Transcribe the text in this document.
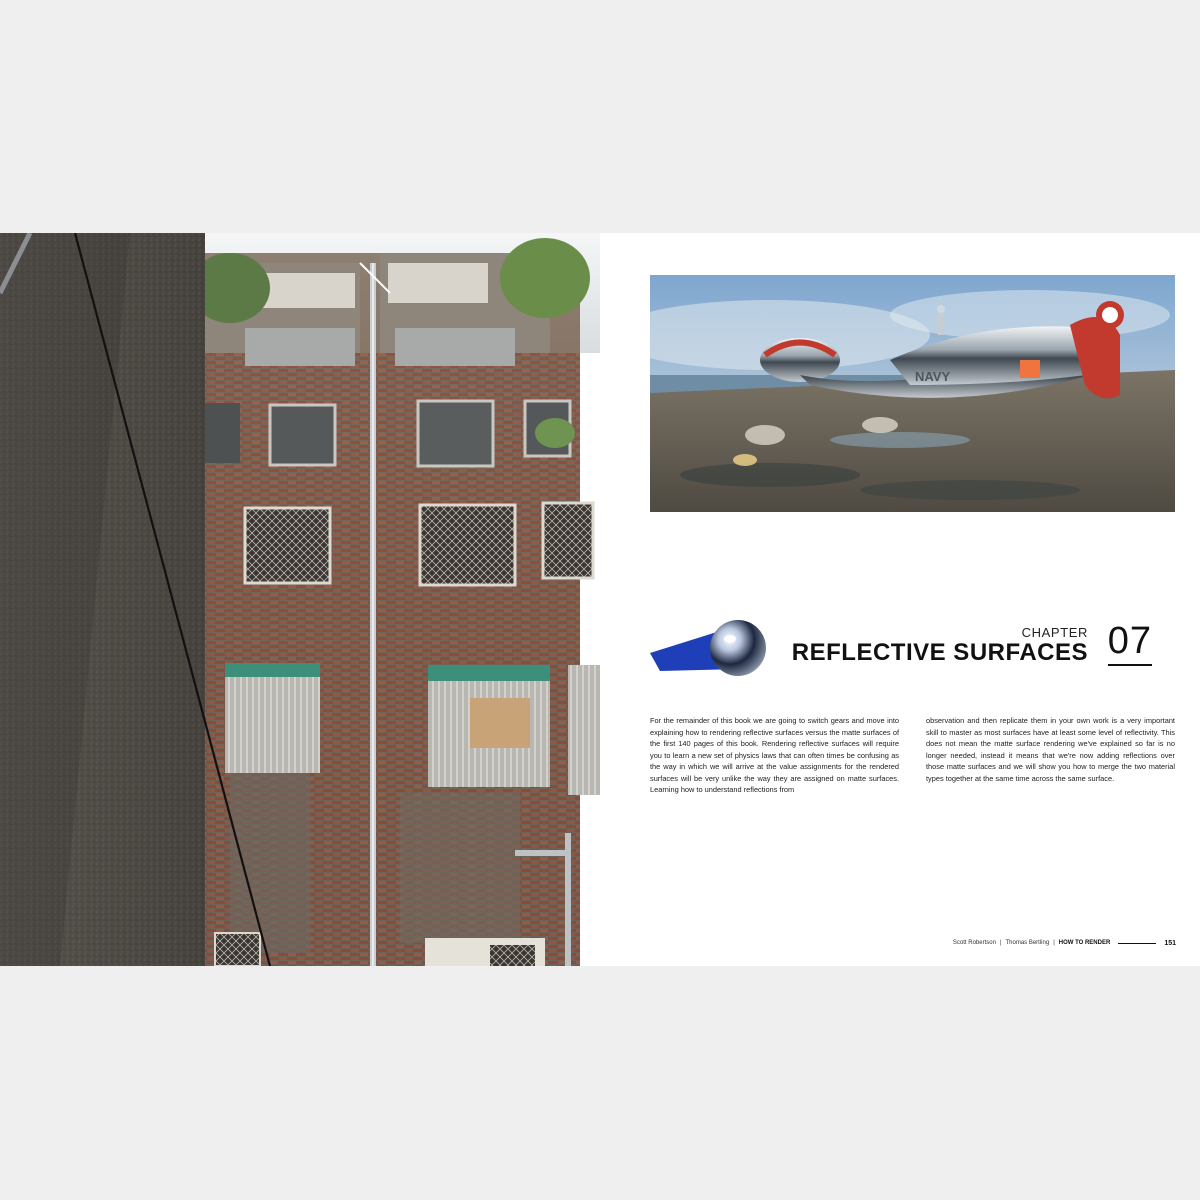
NAVY
CHAPTER
REFLECTIVE SURFACES 07
For the remainder of this book we are going to switch gears and move into explaining how to rendering reflective surfaces versus the matte surfaces of the first 140 pages of this book. Rendering reflective surfaces will require you to learn a new set of physics laws that can often times be confusing as the way in which we will arrive at the value assignments for the rendered surfaces will be very unlike the way they are assigned on matte surfaces. Learning how to understand reflections from
observation and then replicate them in your own work is a very important skill to master as most surfaces have at least some level of reflectivity. This does not mean the matte surface rendering we've explained so far is no longer needed, instead it means that we're now adding reflections over those matte surfaces and we will show you how to merge the two material types together at the same time across the same surface.
Scott Robertson | Thomas Bertling | HOW TO RENDER	151
